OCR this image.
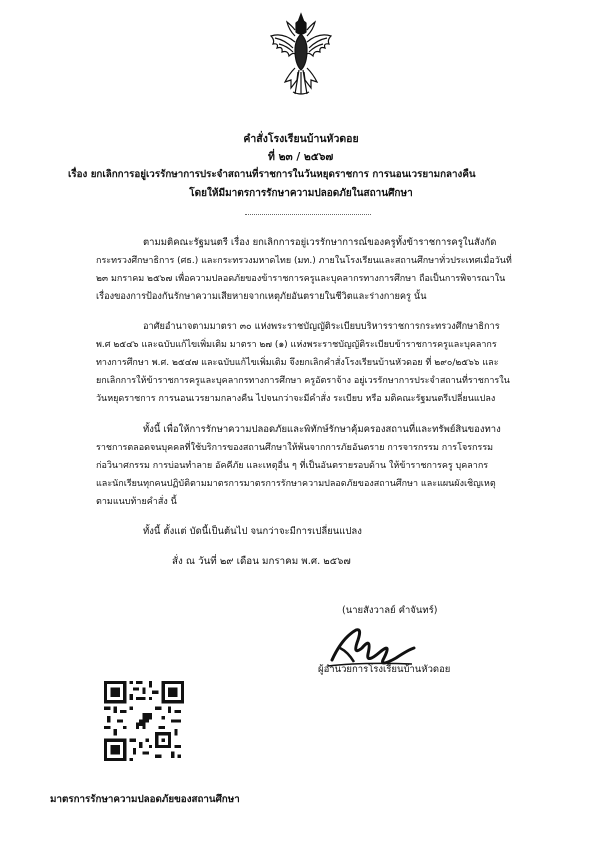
คำสั่งโรงเรียนบ้านหัวดอย
ที่ ๒๓ / ๒๕๖๗
เรื่อง ยกเลิกการอยู่เวรรักษาการประจำสถานที่ราชการในวันหยุดราชการ การนอนเวรยามกลางคืน
โดยให้มีมาตรการรักษาความปลอดภัยในสถานศึกษา
ตามมติคณะรัฐมนตรี เรื่อง ยกเลิกการอยู่เวรรักษาการณ์ของครูทั้งข้าราชการครูในสังกัด
กระทรวงศึกษาธิการ (ศธ.) และกระทรวงมหาดไทย (มท.) ภายในโรงเรียนและสถานศึกษาทั่วประเทศเมื่อวันที่
๒๓ มกราคม ๒๕๖๗ เพื่อความปลอดภัยของข้าราชการครูและบุคลากรทางการศึกษา ถือเป็นการพิจารณาใน
เรื่องของการป้องกันรักษาความเสียหายจากเหตุภัยอันตรายในชีวิตและร่างกายครู นั้น
อาศัยอำนาจตามมาตรา ๓๐ แห่งพระราชบัญญัติระเบียบบริหารราชการกระทรวงศึกษาธิการ
พ.ศ ๒๕๔๖ และฉบับแก้ไขเพิ่มเติม มาตรา ๒๗ (๑) แห่งพระราชบัญญัติระเบียบข้าราชการครูและบุคลากร
ทางการศึกษา พ.ศ. ๒๕๔๗ และฉบับแก้ไขเพิ่มเติม จึงยกเลิกคำสั่งโรงเรียนบ้านหัวดอย ที่ ๒๙๐/๒๕๖๖ และ
ยกเลิกการให้ข้าราชการครูและบุคลากรทางการศึกษา ครูอัตราจ้าง อยู่เวรรักษาการประจำสถานที่ราชการใน
วันหยุดราชการ การนอนเวรยามกลางคืน ไปจนกว่าจะมีคำสั่ง ระเบียบ หรือ มติคณะรัฐมนตรีเปลี่ยนแปลง
ทั้งนี้ เพื่อให้การรักษาความปลอดภัยและพิทักษ์รักษาคุ้มครองสถานที่และทรัพย์สินของทาง
ราชการตลอดจนบุคคลที่ใช้บริการของสถานศึกษาให้พ้นจากการภัยอันตราย การจารกรรม การโจรกรรม
ก่อวินาศกรรม การบ่อนทำลาย อัคคีภัย และเหตุอื่น ๆ ที่เป็นอันตรายรอบด้าน ให้ข้าราชการครู บุคลากร
และนักเรียนทุกคนปฏิบัติตามมาตรการมาตรการรักษาความปลอดภัยของสถานศึกษา และแผนผังเชิญเหตุ
ตามแนบท้ายคำสั่ง นี้
ทั้งนี้ ตั้งแต่ บัดนี้เป็นต้นไป จนกว่าจะมีการเปลี่ยนแปลง
สั่ง ณ วันที่ ๒๙ เดือน มกราคม พ.ศ. ๒๕๖๗
(นายสังวาลย์ คำจันทร์)
ผู้อำนวยการโรงเรียนบ้านหัวดอย
มาตรการรักษาความปลอดภัยของสถานศึกษา
